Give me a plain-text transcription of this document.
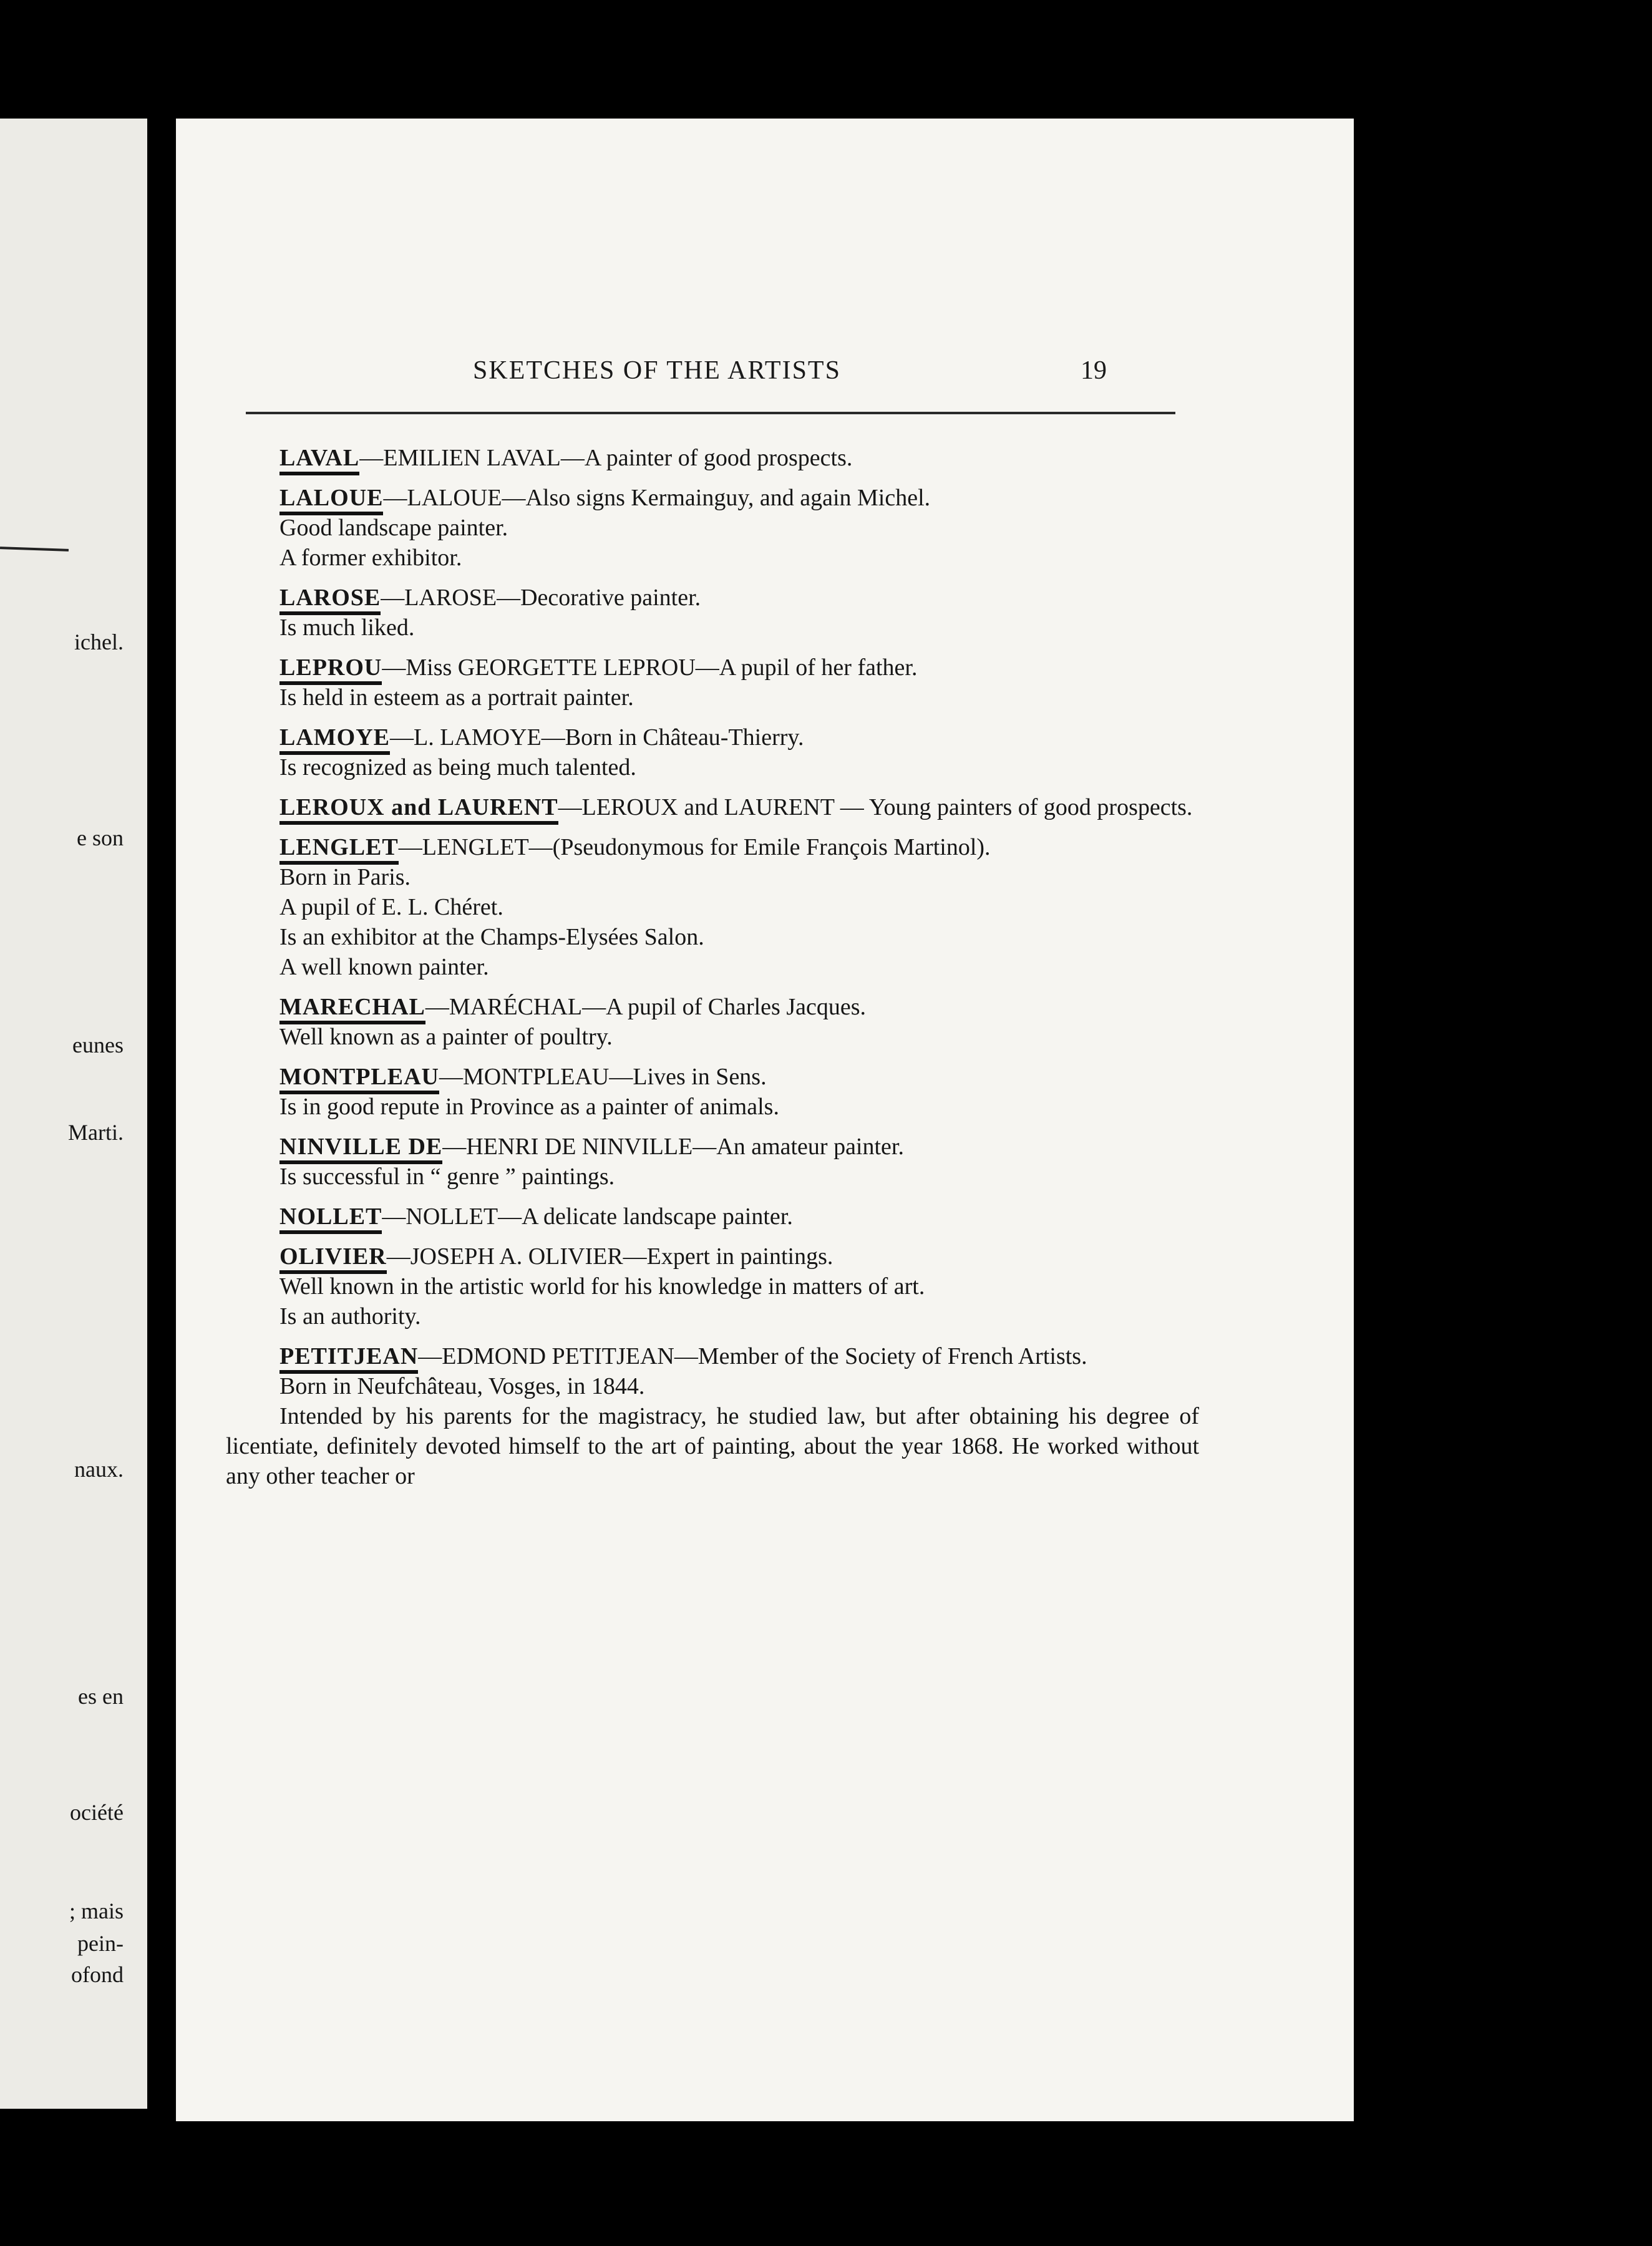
ichel.
e son
eunes
Marti.
naux.
es en
ociété
; mais
pein-
ofond
SKETCHES OF THE ARTISTS	19

LAVAL — EMILIEN LAVAL—A painter of good prospects.

LALOUE — LALOUE—Also signs Kermainguy, and again Michel.

Good landscape painter.

A former exhibitor.

LAROSE — LAROSE—Decorative painter.

Is much liked.

LEPROU — Miss GEORGETTE LEPROU—A pupil of her father.

Is held in esteem as a portrait painter.

LAMOYE — L. LAMOYE—Born in Château-Thierry.

Is recognized as being much talented.

LEROUX and LAURENT — LEROUX and LAURENT — Young painters of good prospects.

LENGLET — LENGLET—(Pseudonymous for Emile François Martinol).

Born in Paris.

A pupil of E. L. Chéret.

Is an exhibitor at the Champs-Elysées Salon.

A well known painter.

MARECHAL — MARÉCHAL—A pupil of Charles Jacques.

Well known as a painter of poultry.

MONTPLEAU — MONTPLEAU—Lives in Sens.

Is in good repute in Province as a painter of animals.

NINVILLE DE — HENRI DE NINVILLE—An amateur painter.

Is successful in “ genre ” paintings.

NOLLET — NOLLET—A delicate landscape painter.

OLIVIER — JOSEPH A. OLIVIER—Expert in paintings.

Well known in the artistic world for his knowledge in matters of art.

Is an authority.

PETITJEAN — EDMOND PETITJEAN—Member of the Society of French Artists.

Born in Neufchâteau, Vosges, in 1844.

Intended by his parents for the magistracy, he studied law, but after obtaining his degree of licentiate, definitely devoted himself to the art of painting, about the year 1868. He worked without any other teacher or
